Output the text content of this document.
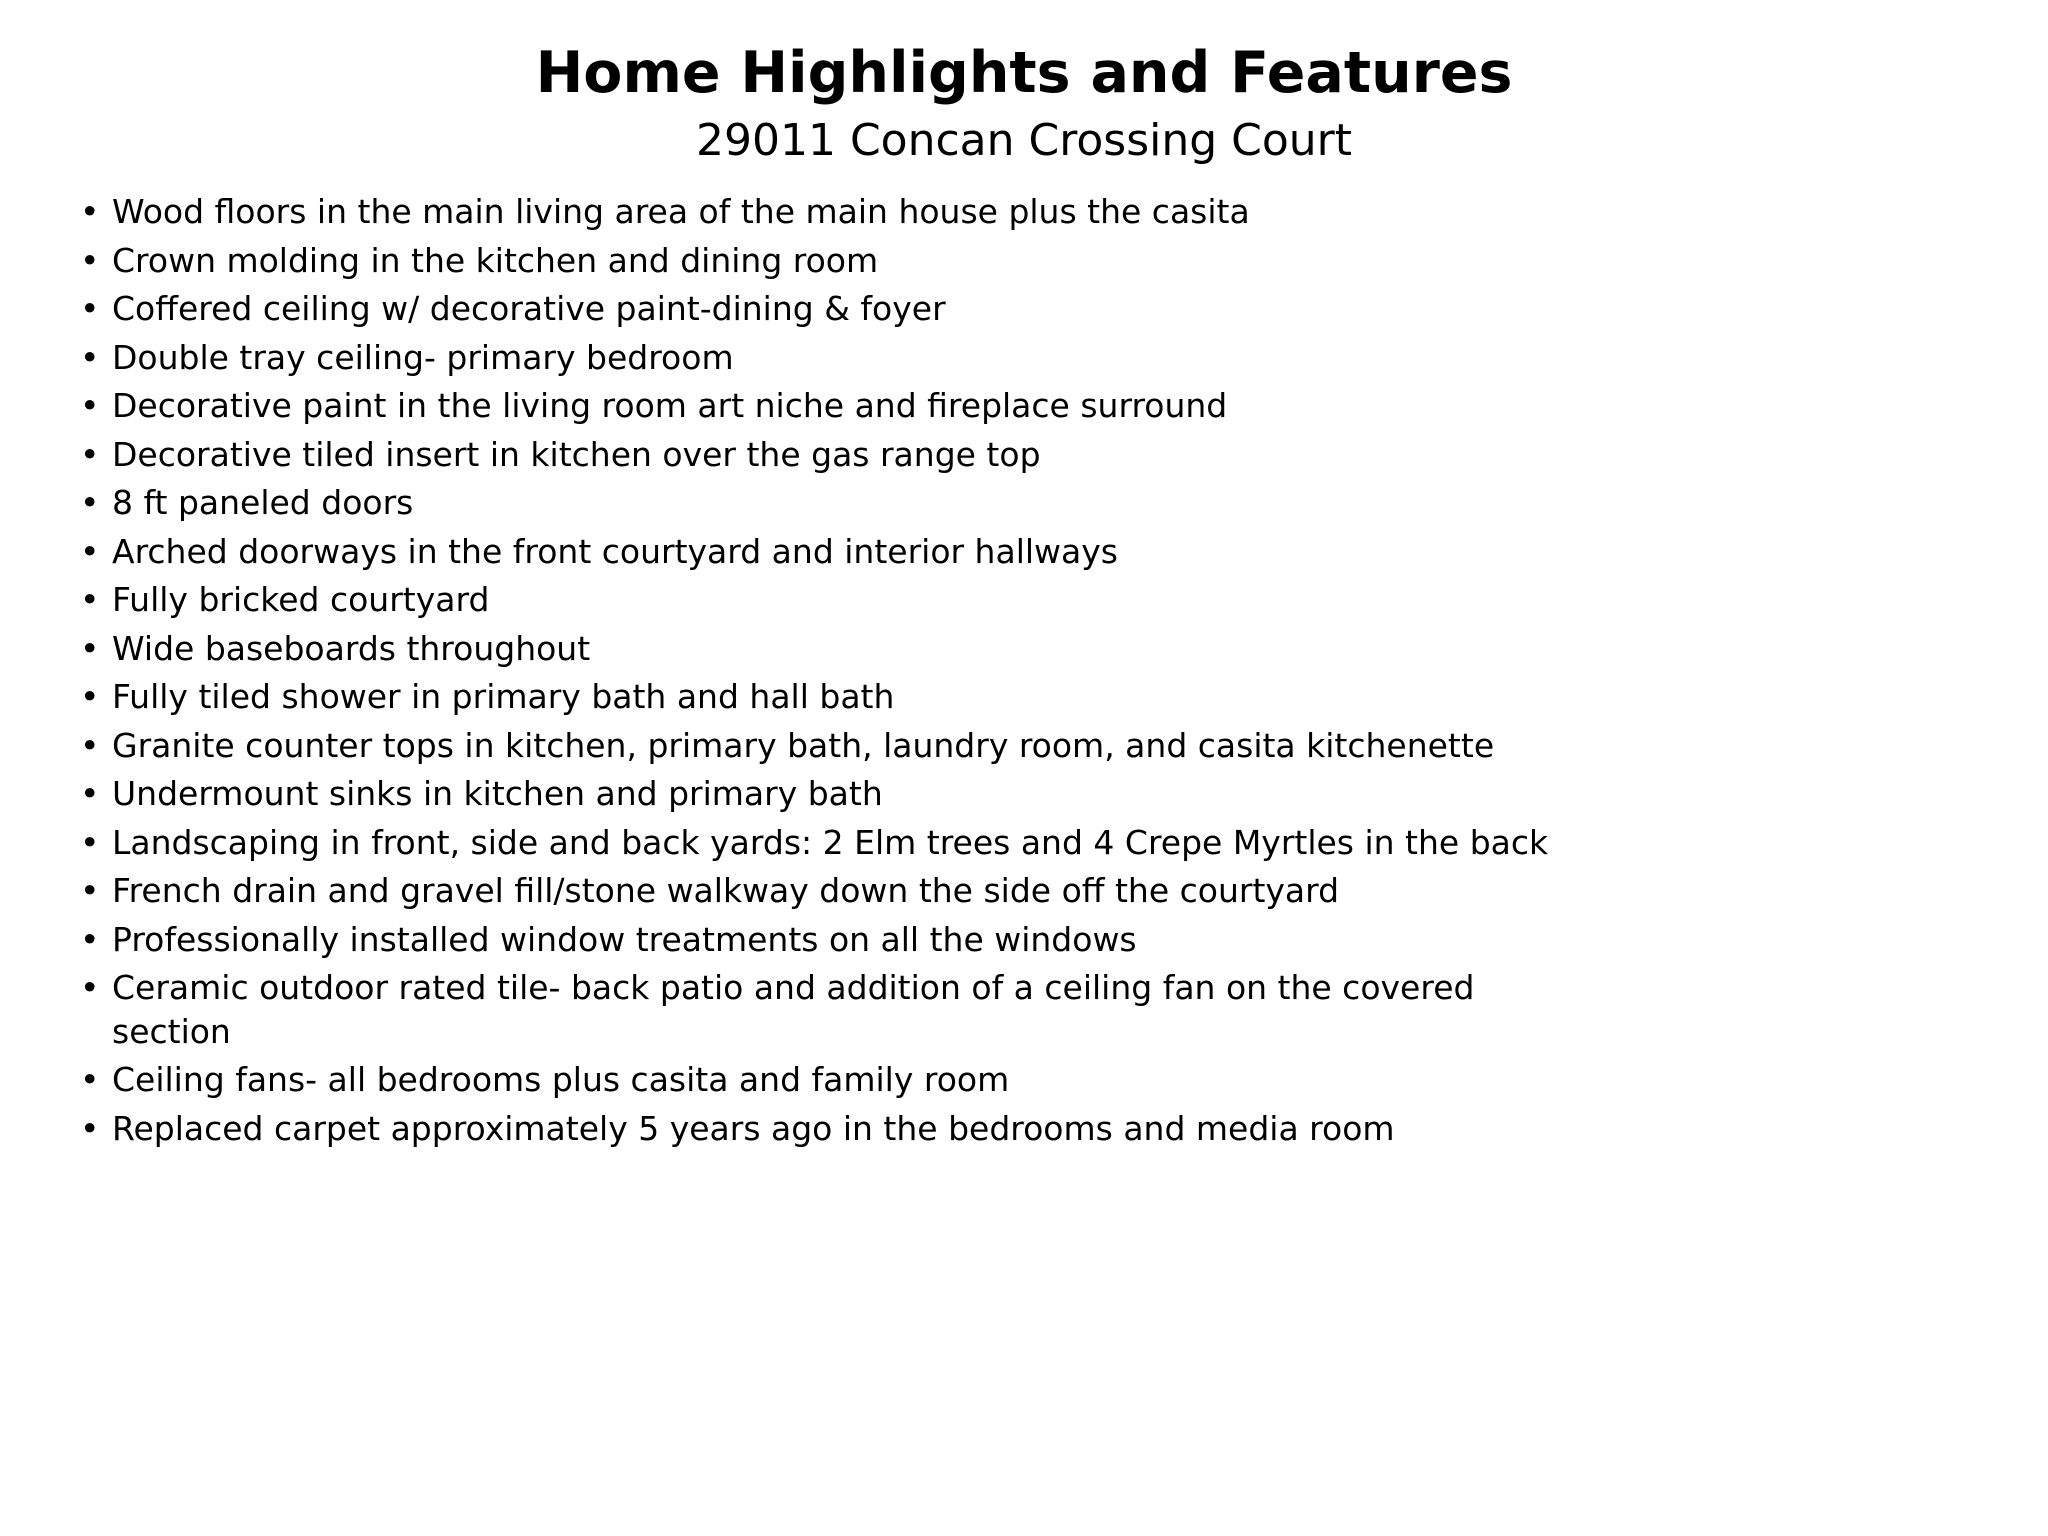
Home Highlights and Features
29011 Concan Crossing Court
• Wood floors in the main living area of the main house plus the casita
• Crown molding in the kitchen and dining room
• Coffered ceiling w/ decorative paint-dining & foyer
• Double tray ceiling- primary bedroom
• Decorative paint in the living room art niche and fireplace surround
• Decorative tiled insert in kitchen over the gas range top
• 8 ft paneled doors
• Arched doorways in the front courtyard and interior hallways
• Fully bricked courtyard
• Wide baseboards throughout
• Fully tiled shower in primary bath and hall bath
• Granite counter tops in kitchen, primary bath, laundry room, and casita kitchenette
• Undermount sinks in kitchen and primary bath
• Landscaping in front, side and back yards: 2 Elm trees and 4 Crepe Myrtles in the back
• French drain and gravel fill/stone walkway down the side off the courtyard
• Professionally installed window treatments on all the windows
• Ceramic outdoor rated tile- back patio and addition of a ceiling fan on the covered section
• Ceiling fans- all bedrooms plus casita and family room
• Replaced carpet approximately 5 years ago in the bedrooms and media room
